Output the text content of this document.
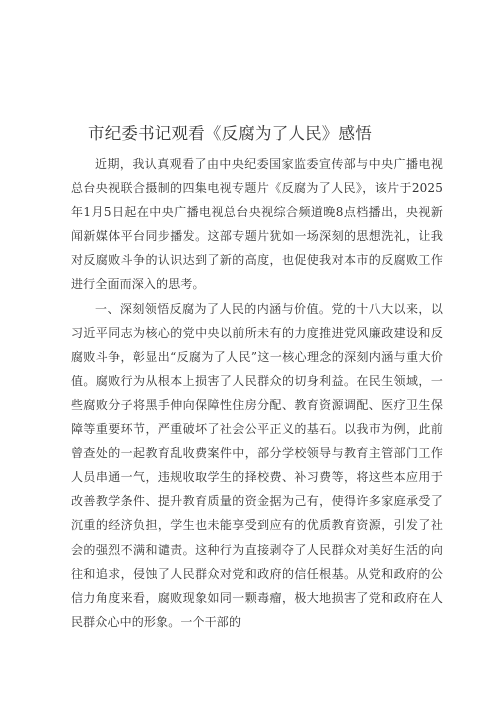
市纪委书记观看《反腐为了人民》感悟

近期，我认真观看了由中央纪委国家监委宣传部与中央广播电视总台央视联合摄制的四集电视专题片《反腐为了人民》，该片于2025年1月5日起在中央广播电视总台央视综合频道晚8点档播出，央视新闻新媒体平台同步播发。这部专题片犹如一场深刻的思想洗礼，让我对反腐败斗争的认识达到了新的高度，也促使我对本市的反腐败工作进行全面而深入的思考。

一、深刻领悟反腐为了人民的内涵与价值。党的十八大以来，以习近平同志为核心的党中央以前所未有的力度推进党风廉政建设和反腐败斗争，彰显出“反腐为了人民”这一核心理念的深刻内涵与重大价值。腐败行为从根本上损害了人民群众的切身利益。在民生领域，一些腐败分子将黑手伸向保障性住房分配、教育资源调配、医疗卫生保障等重要环节，严重破坏了社会公平正义的基石。以我市为例，此前曾查处的一起教育乱收费案件中，部分学校领导与教育主管部门工作人员串通一气，违规收取学生的择校费、补习费等，将这些本应用于改善教学条件、提升教育质量的资金据为己有，使得许多家庭承受了沉重的经济负担，学生也未能享受到应有的优质教育资源，引发了社会的强烈不满和谴责。这种行为直接剥夺了人民群众对美好生活的向往和追求，侵蚀了人民群众对党和政府的信任根基。从党和政府的公信力角度来看，腐败现象如同一颗毒瘤，极大地损害了党和政府在人民群众心中的形象。一个干部的
